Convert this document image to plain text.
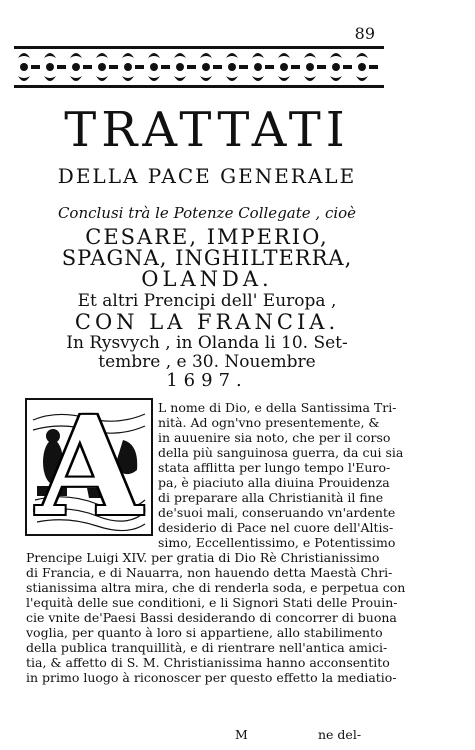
89
TRATTATI
DELLA PACE GENERALE
Conclusi trà le Potenze Collegate , cioè
CESARE, IMPERIO,
SPAGNA, INGHILTERRA,
OLANDA.
Et altri Prencipi dell' Europa ,
CON LA FRANCIA.
In Rysvych , in Olanda li 10. Set-
tembre , e 30. Nouembre
1697.
A	L nome di Dio, e della Santissima Tri-
nità. Ad ogn'vno presentemente, &
in auuenire sia noto, che per il corso
della più sanguinosa guerra, da cui sia
stata afflitta per lungo tempo l'Euro-
pa, è piaciuto alla diuina Prouidenza
di preparare alla Christianità il fine
de'suoi mali, conseruando vn'ardente
desiderio di Pace nel cuore dell'Altis-
simo, Eccellentissimo, e Potentissimo
Prencipe Luigi XIV. per gratia di Dio Rè Christianissimo
di Francia, e di Nauarra, non hauendo detta Maestà Chri-
stianissima altra mira, che di renderla soda, e perpetua con
l'equità delle sue conditioni, e li Signori Stati delle Prouin-
cie vnite de'Paesi Bassi desiderando di concorrer di buona
voglia, per quanto à loro si appartiene, allo stabilimento
della publica tranquillità, e di rientrare nell'antica amici-
tia, & affetto di S. M. Christianissima hanno acconsentito
in primo luogo à riconoscer per questo effetto la mediatio-
M	ne del-
